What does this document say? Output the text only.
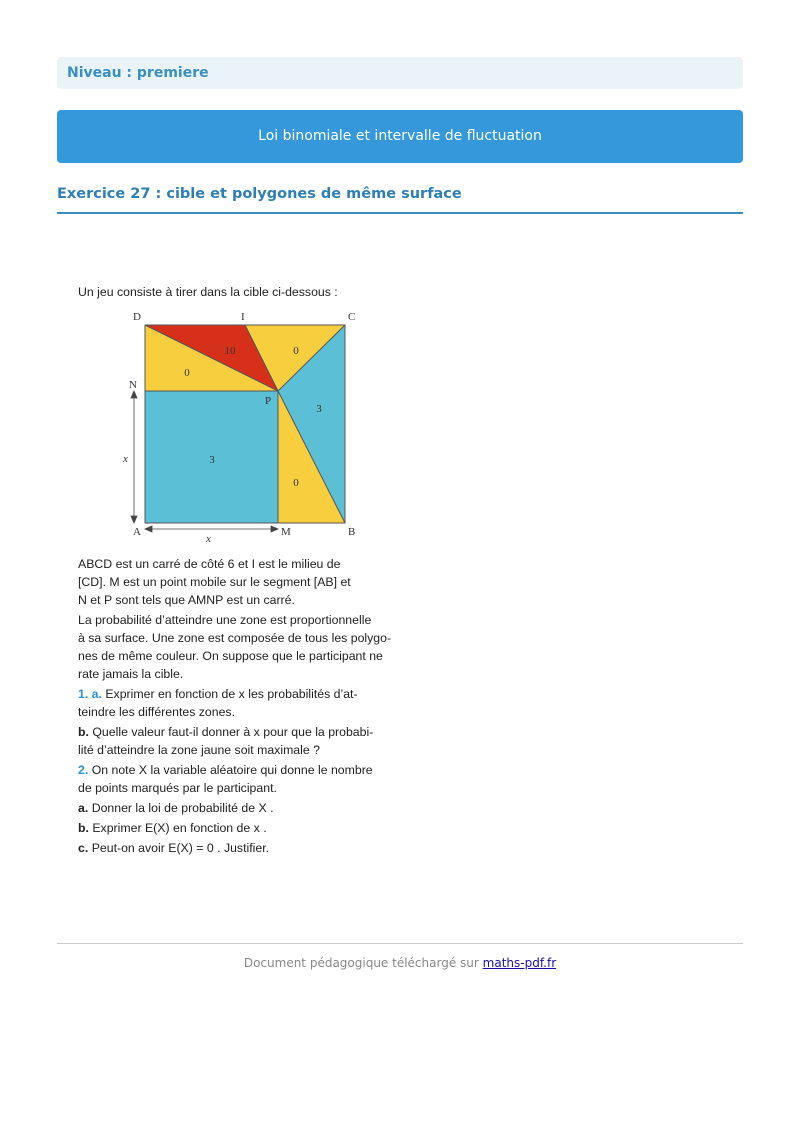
Niveau : premiere
Loi binomiale et intervalle de fluctuation
Exercice 27 : cible et polygones de même surface

Un jeu consiste à tirer dans la cible ci-dessous :

D	I	C
N
P
A	M	B
x
x
10	0
0
3
3
0

ABCD est un carré de côté 6 et I est le milieu de

[CD]. M est un point mobile sur le segment [AB] et

N et P sont tels que AMNP est un carré.

La probabilité d’atteindre une zone est proportionnelle

à sa surface. Une zone est composée de tous les polygo-

nes de même couleur. On suppose que le participant ne

rate jamais la cible.

1. a. Exprimer en fonction de x les probabilités d’at-

teindre les différentes zones.

b. Quelle valeur faut-il donner à x pour que la probabi-

lité d’atteindre la zone jaune soit maximale ?

2. On note X la variable aléatoire qui donne le nombre

de points marqués par le participant.

a. Donner la loi de probabilité de X .

b. Exprimer E(X) en fonction de x .

c. Peut-on avoir E(X) = 0 . Justifier.

Document pédagogique téléchargé sur maths-pdf.fr
